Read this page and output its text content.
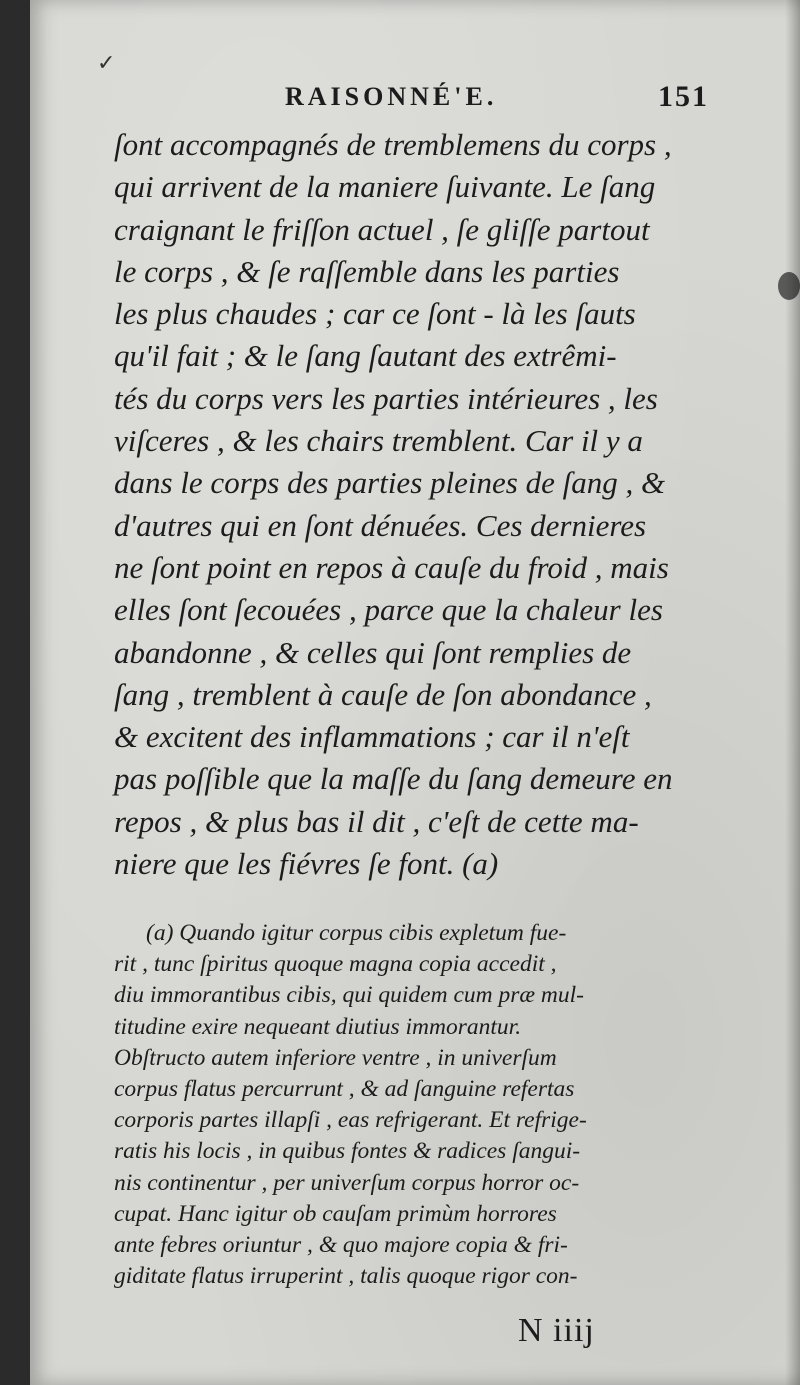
✓
RAISONNÉ'E.	151
ſont accompagnés de tremblemens du corps ,
qui arrivent de la maniere ſuivante. Le ſang
craignant le friſſon actuel , ſe gliſſe partout
le corps , & ſe raſſemble dans les parties
les plus chaudes ; car ce ſont - là les ſauts
qu'il fait ; & le ſang ſautant des extrêmi-
tés du corps vers les parties intérieures , les
viſceres , & les chairs tremblent. Car il y a
dans le corps des parties pleines de ſang , &
d'autres qui en ſont dénuées. Ces dernieres
ne ſont point en repos à cauſe du froid , mais
elles ſont ſecouées , parce que la chaleur les
abandonne , & celles qui ſont remplies de
ſang , tremblent à cauſe de ſon abondance ,
& excitent des inflammations ; car il n'eſt
pas poſſible que la maſſe du ſang demeure en
repos , & plus bas il dit , c'eſt de cette ma-
niere que les fiévres ſe font. (a)
(a) Quando igitur corpus cibis expletum fue-
rit , tunc ſpiritus quoque magna copia accedit ,
diu immorantibus cibis, qui quidem cum præ mul-
titudine exire nequeant diutius immorantur.
Obſtructo autem inferiore ventre , in univerſum
corpus flatus percurrunt , & ad ſanguine refertas
corporis partes illapſi , eas refrigerant. Et refrige-
ratis his locis , in quibus fontes & radices ſangui-
nis continentur , per univerſum corpus horror oc-
cupat. Hanc igitur ob cauſam primùm horrores
ante febres oriuntur , & quo majore copia & fri-
giditate flatus irruperint , talis quoque rigor con-
N iiij
